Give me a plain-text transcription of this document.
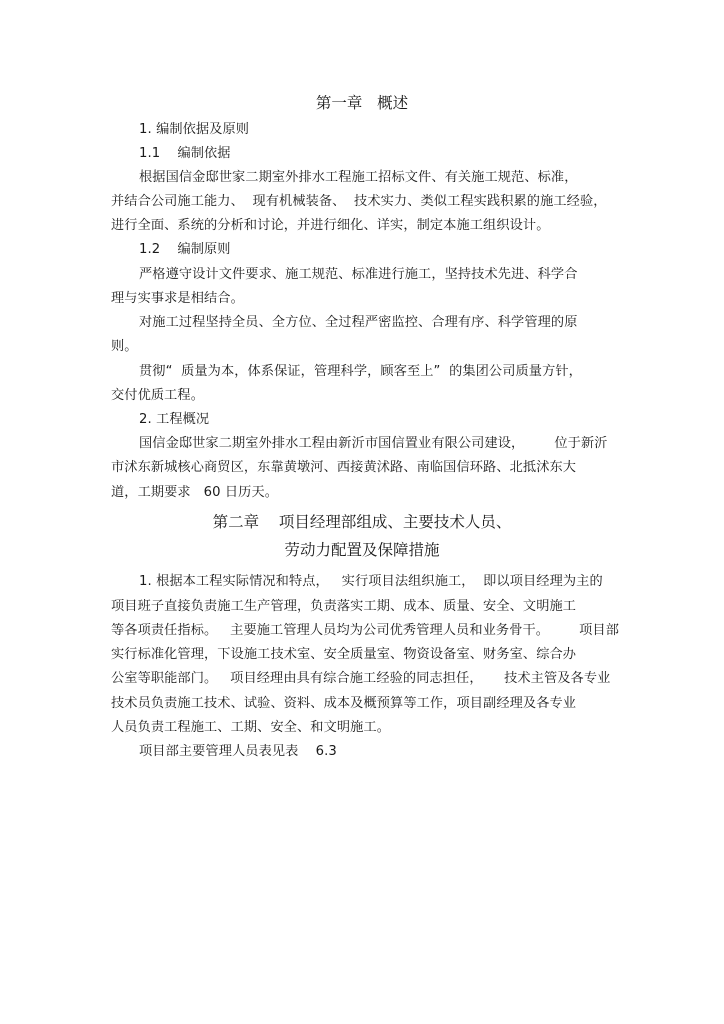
第一章   概述
1. 编制依据及原则
1.1    编制依据
根据国信金邸世家二期室外排水工程施工招标文件、有关施工规范、标准，
并结合公司施工能力、  现有机械装备、  技术实力、类似工程实践积累的施工经验，
进行全面、系统的分析和讨论，并进行细化、详实，制定本施工组织设计。
1.2    编制原则
严格遵守设计文件要求、施工规范、标准进行施工，坚持技术先进、科学合
理与实事求是相结合。
对施工过程坚持全员、全方位、全过程严密监控、合理有序、科学管理的原
则。
贯彻“  质量为本，体系保证，管理科学，顾客至上”  的集团公司质量方针，
交付优质工程。
2. 工程概况
国信金邸世家二期室外排水工程由新沂市国信置业有限公司建设，       位于新沂
市沭东新城核心商贸区，东靠黄墩河、西接黄沭路、南临国信环路、北抵沭东大
道，工期要求   60 日历天。
第二章    项目经理部组成、主要技术人员、
劳动力配置及保障措施
1. 根据本工程实际情况和特点，   实行项目法组织施工，  即以项目经理为主的
项目班子直接负责施工生产管理，负责落实工期、成本、质量、安全、文明施工
等各项责任指标。   主要施工管理人员均为公司优秀管理人员和业务骨干。       项目部
实行标准化管理，下设施工技术室、安全质量室、物资设备室、财务室、综合办
公室等职能部门。   项目经理由具有综合施工经验的同志担任，     技术主管及各专业
技术员负责施工技术、试验、资料、成本及概预算等工作，项目副经理及各专业
人员负责工程施工、工期、安全、和文明施工。
项目部主要管理人员表见表    6.3
